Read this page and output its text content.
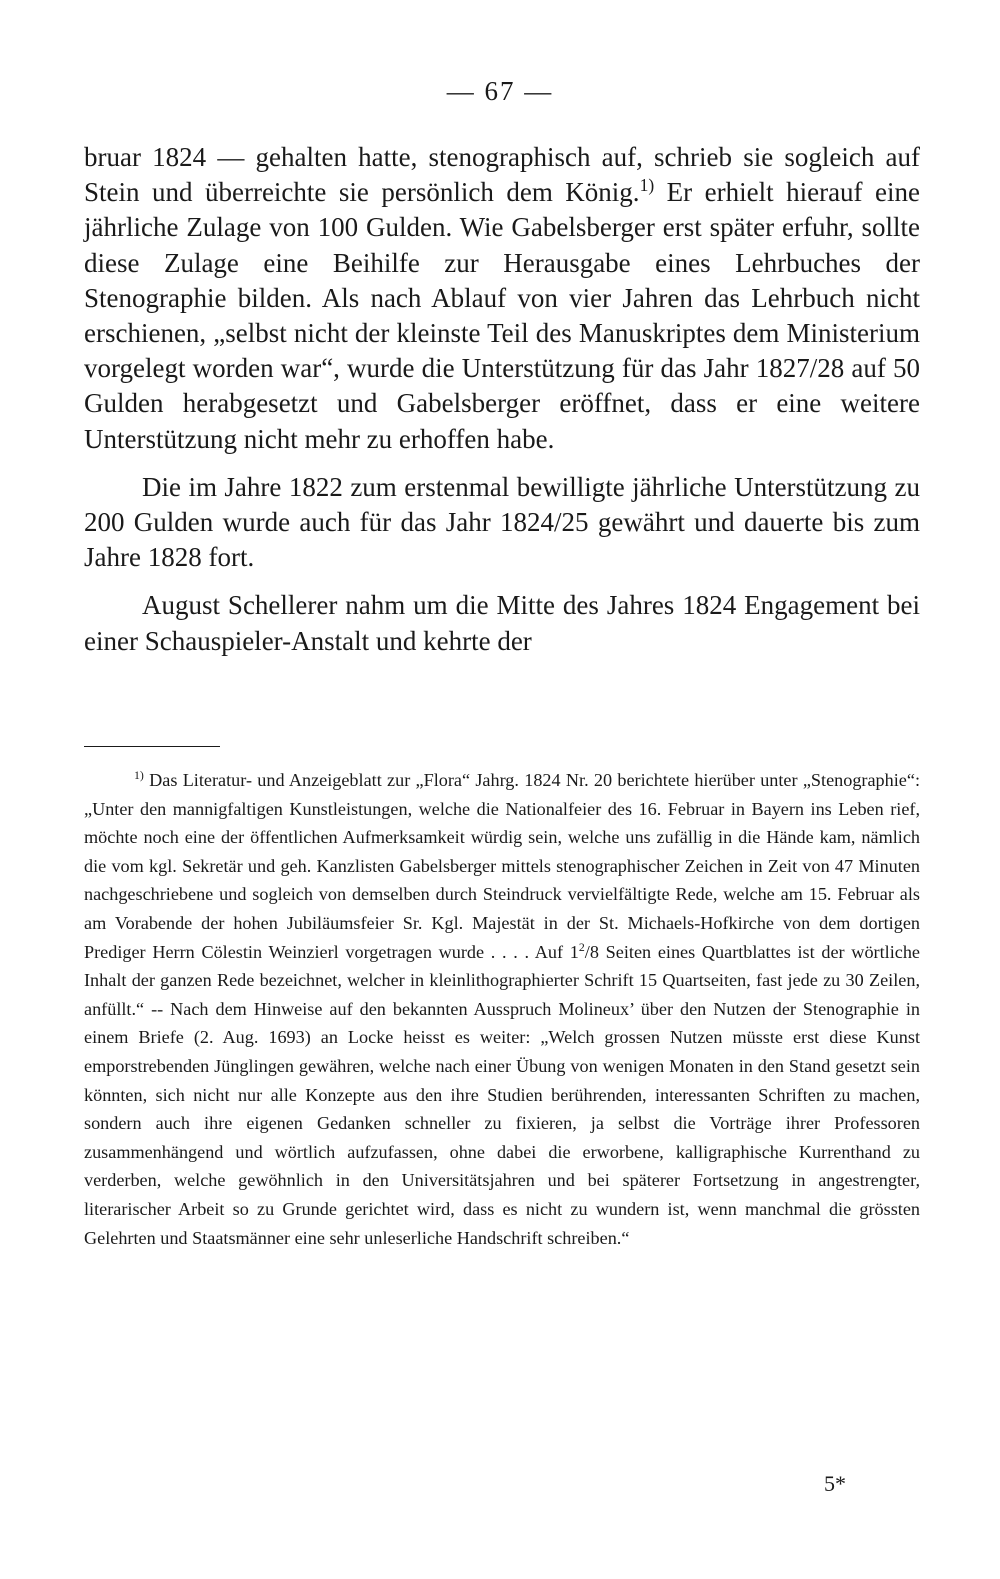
— 67 —

bruar 1824 — gehalten hatte, stenographisch auf, schrieb sie sogleich auf Stein und überreichte sie persönlich dem König.$^{1)}$ Er erhielt hierauf eine jährliche Zulage von 100 Gulden. Wie Gabelsberger erst später erfuhr, sollte diese Zulage eine Beihilfe zur Herausgabe eines Lehrbuches der Stenographie bilden. Als nach Ablauf von vier Jahren das Lehrbuch nicht erschienen, „selbst nicht der kleinste Teil des Manuskriptes dem Ministerium vorgelegt worden war“, wurde die Unterstützung für das Jahr 1827/28 auf 50 Gulden herabgesetzt und Gabelsberger eröffnet, dass er eine weitere Unterstützung nicht mehr zu erhoffen habe.

Die im Jahre 1822 zum erstenmal bewilligte jährliche Unterstützung zu 200 Gulden wurde auch für das Jahr 1824/25 gewährt und dauerte bis zum Jahre 1828 fort.

August Schellerer nahm um die Mitte des Jahres 1824 Engagement bei einer Schauspieler-Anstalt und kehrte der

$^{1)}$ Das Literatur- und Anzeigeblatt zur „Flora“ Jahrg. 1824 Nr. 20 berichtete hierüber unter „Stenographie“: „Unter den mannigfaltigen Kunstleistungen, welche die Nationalfeier des 16. Februar in Bayern ins Leben rief, möchte noch eine der öffentlichen Aufmerksamkeit würdig sein, welche uns zufällig in die Hände kam, nämlich die vom kgl. Sekretär und geh. Kanzlisten Gabelsberger mittels stenographischer Zeichen in Zeit von 47 Minuten nachgeschriebene und sogleich von demselben durch Steindruck vervielfältigte Rede, welche am 15. Februar als am Vorabende der hohen Jubiläumsfeier Sr. Kgl. Majestät in der St. Michaels-Hofkirche von dem dortigen Prediger Herrn Cölestin Weinzierl vorgetragen wurde . . . . Auf $1^2/8$ Seiten eines Quartblattes ist der wörtliche Inhalt der ganzen Rede bezeichnet, welcher in kleinlithographierter Schrift 15 Quartseiten, fast jede zu 30 Zeilen, anfüllt.“ -- Nach dem Hinweise auf den bekannten Ausspruch Molineux’ über den Nutzen der Stenographie in einem Briefe (2. Aug. 1693) an Locke heisst es weiter: „Welch grossen Nutzen müsste erst diese Kunst emporstrebenden Jünglingen gewähren, welche nach einer Übung von wenigen Monaten in den Stand gesetzt sein könnten, sich nicht nur alle Konzepte aus den ihre Studien berührenden, interessanten Schriften zu machen, sondern auch ihre eigenen Gedanken schneller zu fixieren, ja selbst die Vorträge ihrer Professoren zusammenhängend und wörtlich aufzufassen, ohne dabei die erworbene, kalligraphische Kurrenthand zu verderben, welche gewöhnlich in den Universitätsjahren und bei späterer Fortsetzung in angestrengter, literarischer Arbeit so zu Grunde gerichtet wird, dass es nicht zu wundern ist, wenn manchmal die grössten Gelehrten und Staatsmänner eine sehr unleserliche Handschrift schreiben.“

5*
